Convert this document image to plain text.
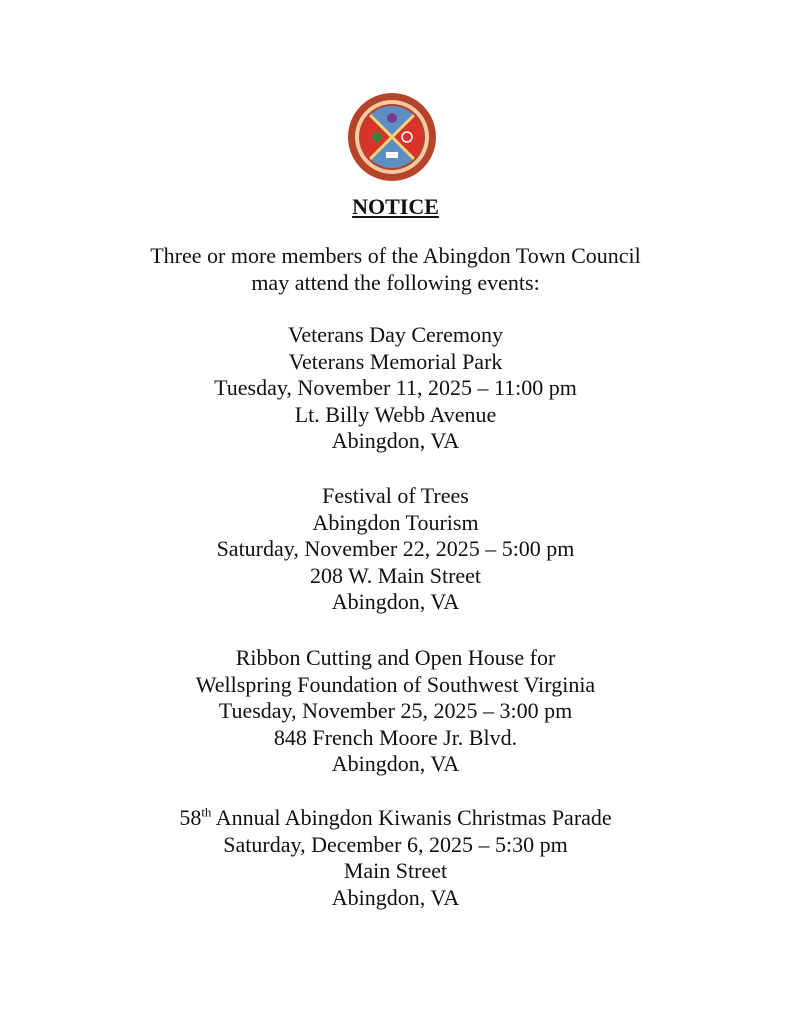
NOTICE
Three or more members of the Abingdon Town Council
may attend the following events:
Veterans Day Ceremony
Veterans Memorial Park
Tuesday, November 11, 2025 – 11:00 pm
Lt. Billy Webb Avenue
Abingdon, VA
Festival of Trees
Abingdon Tourism
Saturday, November 22, 2025 – 5:00 pm
208 W. Main Street
Abingdon, VA
Ribbon Cutting and Open House for
Wellspring Foundation of Southwest Virginia
Tuesday, November 25, 2025 – 3:00 pm
848 French Moore Jr. Blvd.
Abingdon, VA
58th Annual Abingdon Kiwanis Christmas Parade
Saturday, December 6, 2025 – 5:30 pm
Main Street
Abingdon, VA
